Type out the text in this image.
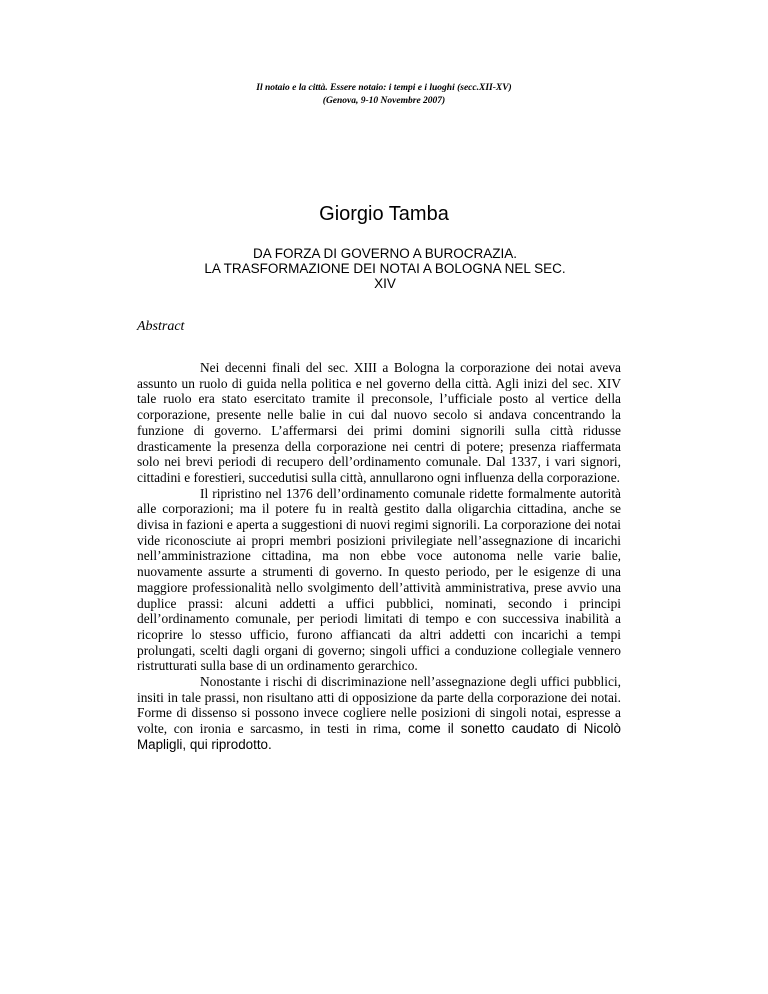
Il notaio e la città. Essere notaio: i tempi e i luoghi (secc.XII-XV)
(Genova, 9-10 Novembre 2007)
Giorgio Tamba
DA FORZA DI GOVERNO A BUROCRAZIA.
LA TRASFORMAZIONE DEI NOTAI A BOLOGNA NEL SEC.
XIV
Abstract

Nei decenni finali del sec. XIII a Bologna la corporazione dei notai aveva assunto un ruolo di guida nella politica e nel governo della città. Agli inizi del sec. XIV tale ruolo era stato esercitato tramite il preconsole, l’ufficiale posto al vertice della corporazione, presente nelle balie in cui dal nuovo secolo si andava concentrando la funzione di governo. L’affermarsi dei primi domini signorili sulla città ridusse drasticamente la presenza della corporazione nei centri di potere; presenza riaffermata solo nei brevi periodi di recupero dell’ordinamento comunale. Dal 1337, i vari signori, cittadini e forestieri, succedutisi sulla città, annullarono ogni influenza della corporazione.

Il ripristino nel 1376 dell’ordinamento comunale ridette formalmente autorità alle corporazioni; ma il potere fu in realtà gestito dalla oligarchia cittadina, anche se divisa in fazioni e aperta a suggestioni di nuovi regimi signorili. La corporazione dei notai vide riconosciute ai propri membri posizioni privilegiate nell’assegnazione di incarichi nell’amministrazione cittadina, ma non ebbe voce autonoma nelle varie balie, nuovamente assurte a strumenti di governo. In questo periodo, per le esigenze di una maggiore professionalità nello svolgimento dell’attività amministrativa, prese avvio una duplice prassi: alcuni addetti a uffici pubblici, nominati, secondo i principi dell’ordinamento comunale, per periodi limitati di tempo e con successiva inabilità a ricoprire lo stesso ufficio, furono affiancati da altri addetti con incarichi a tempi prolungati, scelti dagli organi di governo; singoli uffici a conduzione collegiale vennero ristrutturati sulla base di un ordinamento gerarchico.

Nonostante i rischi di discriminazione nell’assegnazione degli uffici pubblici, insiti in tale prassi, non risultano atti di opposizione da parte della corporazione dei notai. Forme di dissenso si possono invece cogliere nelle posizioni di singoli notai, espresse a volte, con ironia e sarcasmo, in testi in rima, come il sonetto caudato di Nicolò Mapligli, qui riprodotto.
